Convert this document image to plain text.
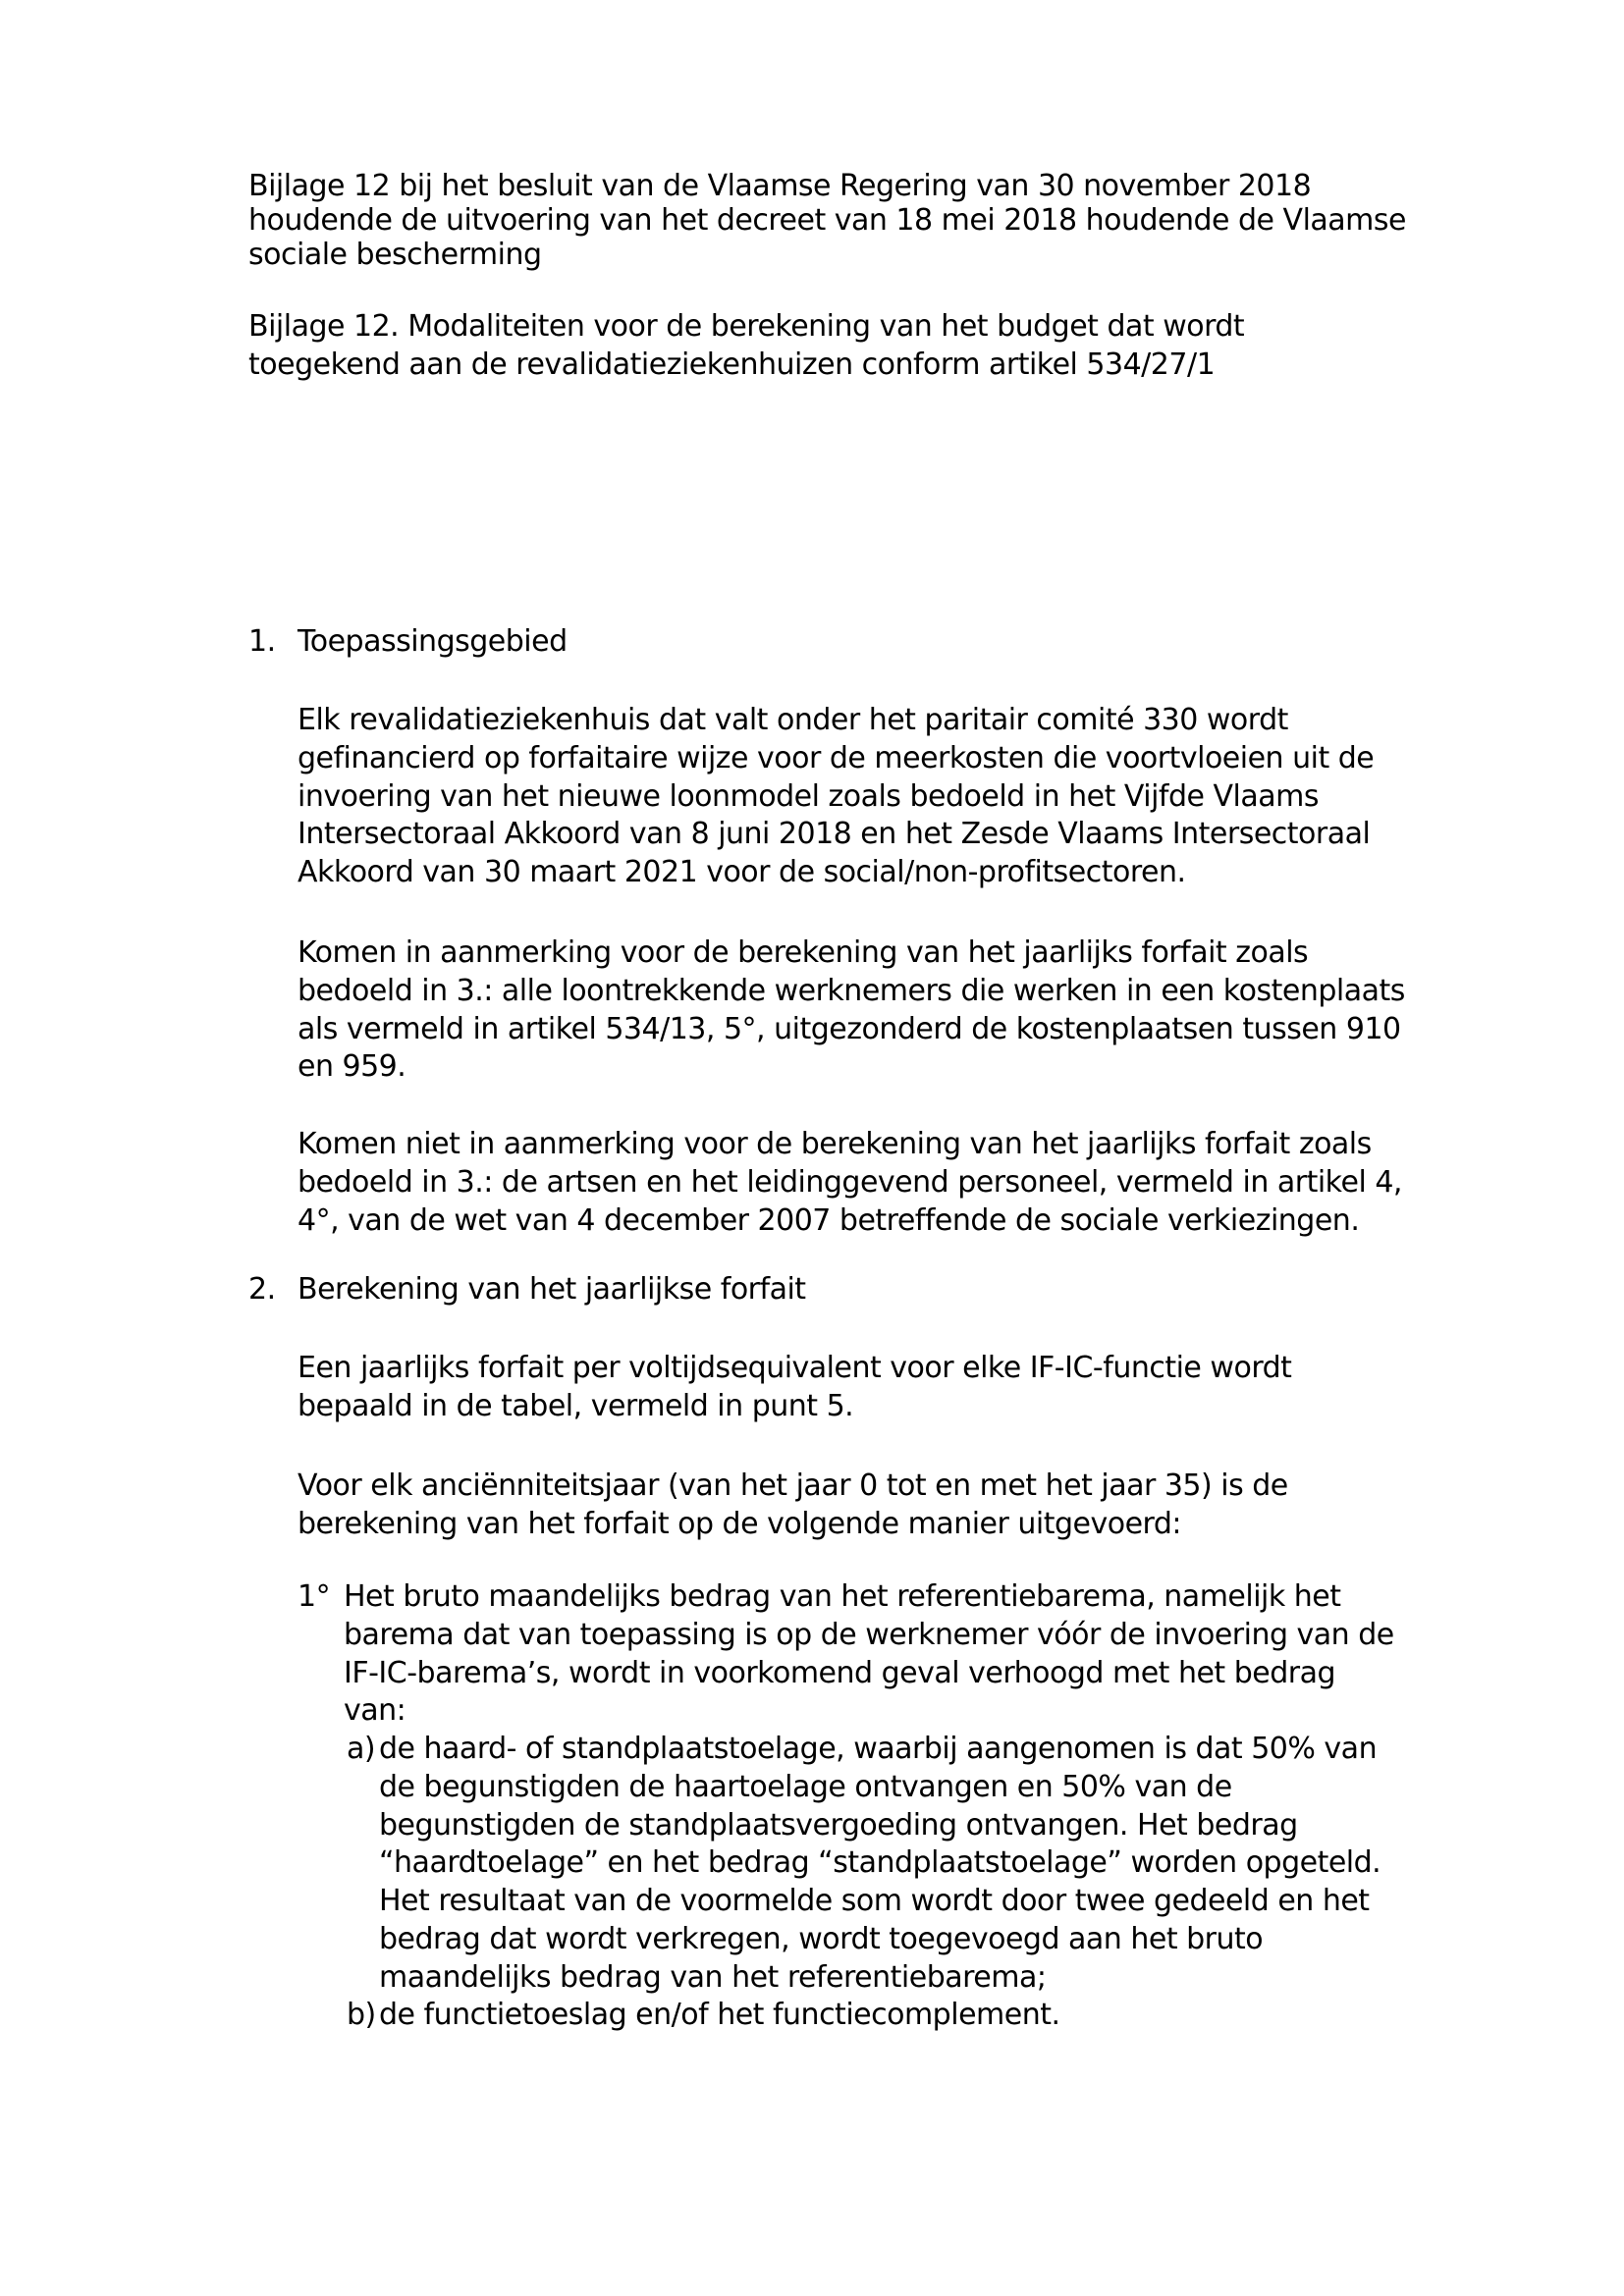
Bijlage 12 bij het besluit van de Vlaamse Regering van 30 november 2018
houdende de uitvoering van het decreet van 18 mei 2018 houdende de Vlaamse
sociale bescherming
Bijlage 12. Modaliteiten voor de berekening van het budget dat wordt
toegekend aan de revalidatieziekenhuizen conform artikel 534/27/1
1. Toepassingsgebied
Elk revalidatieziekenhuis dat valt onder het paritair comité 330 wordt
gefinancierd op forfaitaire wijze voor de meerkosten die voortvloeien uit de
invoering van het nieuwe loonmodel zoals bedoeld in het Vijfde Vlaams
Intersectoraal Akkoord van 8 juni 2018 en het Zesde Vlaams Intersectoraal
Akkoord van 30 maart 2021 voor de social/non-profitsectoren.
Komen in aanmerking voor de berekening van het jaarlijks forfait zoals
bedoeld in 3.: alle loontrekkende werknemers die werken in een kostenplaats
als vermeld in artikel 534/13, 5°, uitgezonderd de kostenplaatsen tussen 910
en 959.
Komen niet in aanmerking voor de berekening van het jaarlijks forfait zoals
bedoeld in 3.: de artsen en het leidinggevend personeel, vermeld in artikel 4,
4°, van de wet van 4 december 2007 betreffende de sociale verkiezingen.
2. Berekening van het jaarlijkse forfait
Een jaarlijks forfait per voltijdsequivalent voor elke IF-IC-functie wordt
bepaald in de tabel, vermeld in punt 5.
Voor elk anciënniteitsjaar (van het jaar 0 tot en met het jaar 35) is de
berekening van het forfait op de volgende manier uitgevoerd:
1° Het bruto maandelijks bedrag van het referentiebarema, namelijk het
barema dat van toepassing is op de werknemer vóór de invoering van de
IF-IC-barema’s, wordt in voorkomend geval verhoogd met het bedrag
van:
a) de haard- of standplaatstoelage, waarbij aangenomen is dat 50% van
de begunstigden de haartoelage ontvangen en 50% van de
begunstigden de standplaatsvergoeding ontvangen. Het bedrag
“haardtoelage” en het bedrag “standplaatstoelage” worden opgeteld.
Het resultaat van de voormelde som wordt door twee gedeeld en het
bedrag dat wordt verkregen, wordt toegevoegd aan het bruto
maandelijks bedrag van het referentiebarema;
b) de functietoeslag en/of het functiecomplement.
